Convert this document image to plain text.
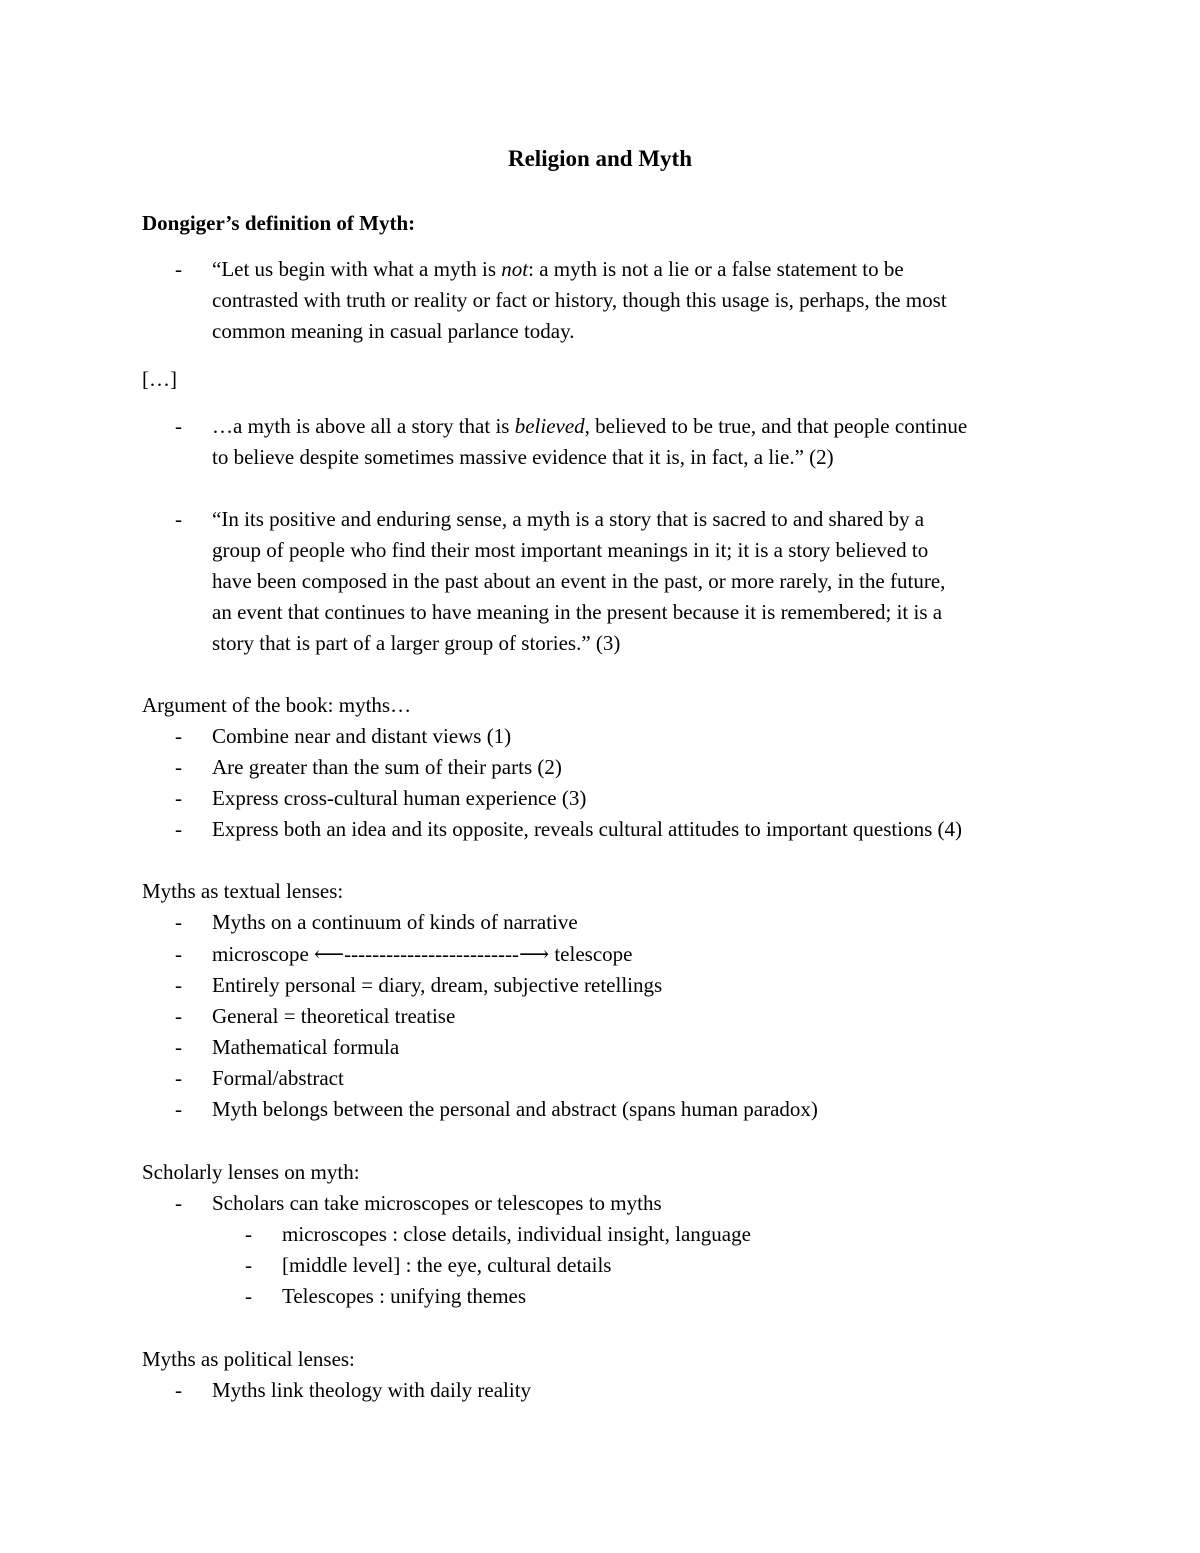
Religion and Myth
Dongiger’s definition of Myth:
- “Let us begin with what a myth is not: a myth is not a lie or a false statement to be
contrasted with truth or reality or fact or history, though this usage is, perhaps, the most
common meaning in casual parlance today.
[…]
- …a myth is above all a story that is believed, believed to be true, and that people continue
to believe despite sometimes massive evidence that it is, in fact, a lie.” (2)
- “In its positive and enduring sense, a myth is a story that is sacred to and shared by a
group of people who find their most important meanings in it; it is a story believed to
have been composed in the past about an event in the past, or more rarely, in the future,
an event that continues to have meaning in the present because it is remembered; it is a
story that is part of a larger group of stories.” (3)
Argument of the book: myths…
- Combine near and distant views (1)
- Are greater than the sum of their parts (2)
- Express cross-cultural human experience (3)
- Express both an idea and its opposite, reveals cultural attitudes to important questions (4)
Myths as textual lenses:
- Myths on a continuum of kinds of narrative
- microscope ⟵-------------------------⟶ telescope
- Entirely personal = diary, dream, subjective retellings
- General = theoretical treatise
- Mathematical formula
- Formal/abstract
- Myth belongs between the personal and abstract (spans human paradox)
Scholarly lenses on myth:
- Scholars can take microscopes or telescopes to myths
- microscopes : close details, individual insight, language
- [middle level] : the eye, cultural details
- Telescopes : unifying themes
Myths as political lenses:
- Myths link theology with daily reality
